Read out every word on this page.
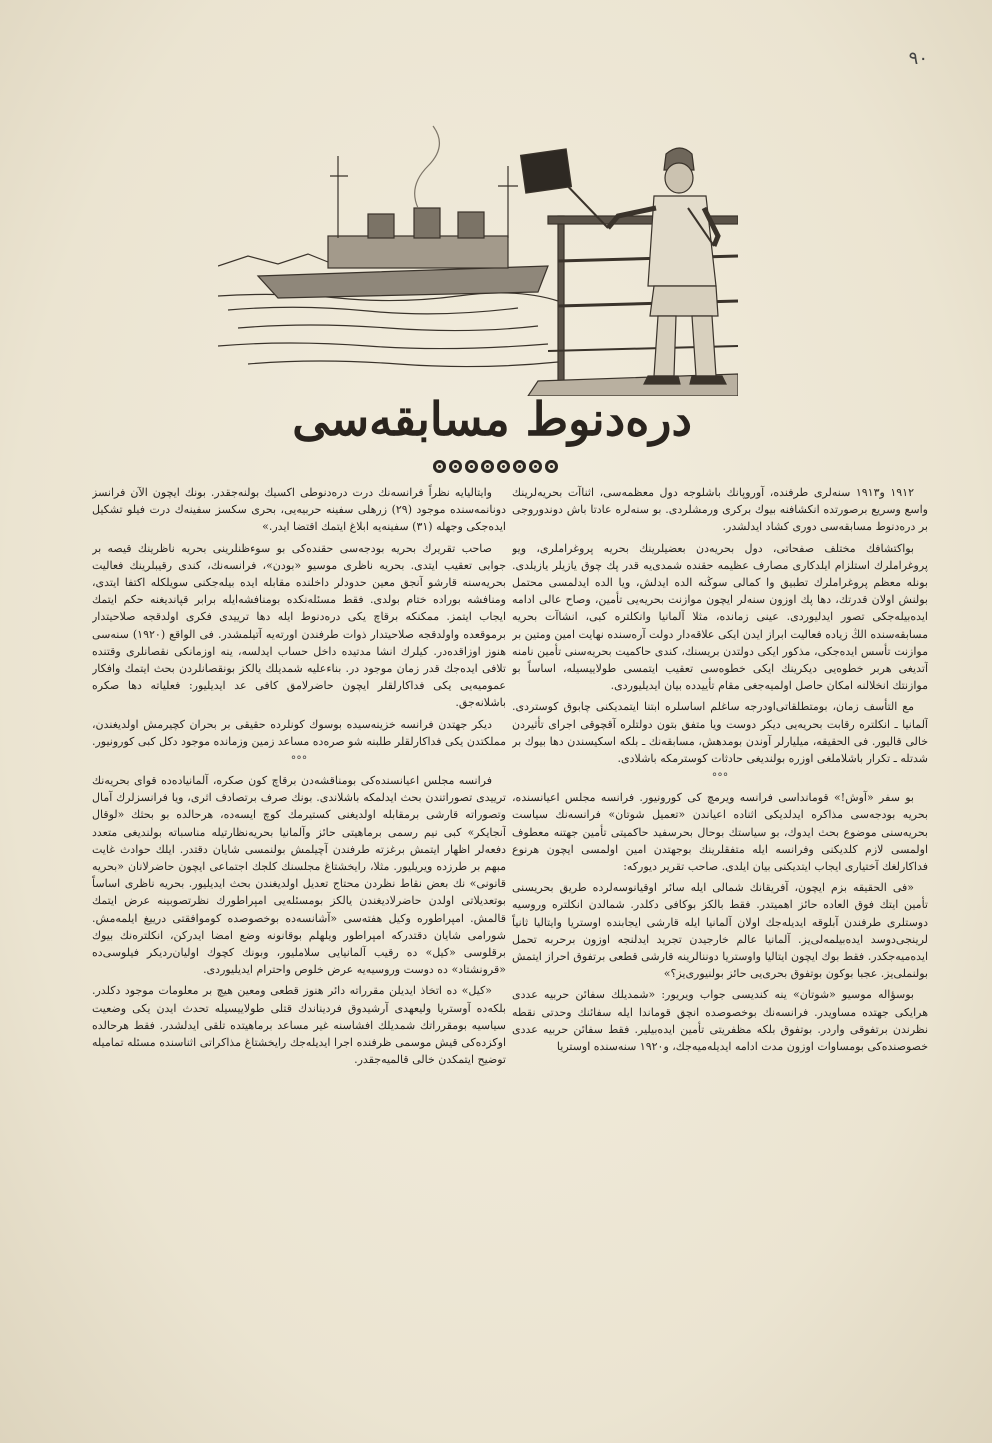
٩٠
دره‌دنوط مسابقه‌سی

١٩١٢ و١٩١٣ سنه‌لری طرفنده، آوروپانك باشلوجه دول معظمه‌سی، اثناآت بحریه‌لرینك واسع وسریع برصورتده انكشافنه بیوك بركری ورمشلردی. بو سنه‌لره عادتا باش دوندوروجی بر دره‌دنوط مسابقه‌سی دوری كشاد ایدلشدر.

بواكتشافك مختلف صفحاتی، دول بحریه‌دن بعضیلرینك بحریه پروغراملری، ویو پروغراملرك استلزام ایلدكاری مصارف عظیمه حقنده شمدی‌یه قدر پك چوق یازیلر یازیلدی. بونله معظم پروغراملرك تطبیق وا كمالی سوڭنه الده ایدلش، ویا الده ایدلمسی محتمل بولنش اولان قدرتك، دها پك اوزون سنه‌لر ایچون موازنت بحریه‌یی تأمین، وصاح عالی ادامه ایده‌بیله‌جكی تصور ایدلیوردی. عینی زمانده، مثلا آلمانیا وانكلتره كبی، انشاآت بحریه مسابقه‌سنده الڭ زیاده فعالیت ابراز ایدن ایكی علاقه‌دار دولت آره‌سنده نهایت امین ومتین بر موازنت تأسس ایده‌جكی، مذكور ایكی دولتدن بریسنك، كندی حاكمیت بحریه‌سنی تأمین نامنه آتدیغی هربر خطوه‌یی دیكرینك ایكی خطوه‌سی تعقیب ایتمسی طولاییسیله، اساساً بو موازنتك انخلالنه امكان حاصل اولمیه‌جغی مقام تأییدده بیان ایدیلیوردی.

مع التأسف زمان، بومتطلقاتی‌اودرجه ساغلم اساسلره ابتنا ایتمدیكنی چابوق كوستردی. آلمانیا ـ انكلتره رقابت بحریه‌یی دیكر دوست ویا متفق بتون دولتلره آقچوقی اجرای تأثیردن خالی قالیور. فی الحقیقه، میلیارلر آوندن بومدهش، مسابقه‌نك ـ بلكه اسكیسندن دها بیوك بر شدتله ـ تكرار باشلاملغی اوزره بولندیغی حادثات كوسترمكه باشلادی.

°°°

بو سفر «آوش!» قوماندا‌سی فرانسه ویرمچ كی كورونیور. فرانسه مجلس اعیانسنده، بحریه بودجه‌سی مذاكره ایدلدیكی اثناده اعیاندن «تعمیل شوتان» فرانسه‌نك سیاست بحریه‌سنی موضوع بحث ایدوك، بو سیاستك بوحال بحرسفید حاكمیتی تأمین جهتنه معطوف اولمسی لازم كلدیكنی وفرانسه ایله متفقلرینك بوجهتدن امین اولمسی ایچون هرنوع فداكارلغك آختیاری ایجاب ایتدیكنی بیان ایلدی. صاحب تقریر دیوركه:

«فی الحقیقه بزم ایچون، آفریقانك شمالی ایله سائر اوقیانوسه‌لرده طریق بحریسنی تأمین ایتك فوق العاده حائز اهمیتدر. فقط بالكز بوكافی دكلدر. شمالدن انكلتره وروسیه دوستلری طرفندن آبلوقه ایدیله‌جك اولان آلمانیا ایله قارشی ایجابنده اوستریا وایتالیا ثانیاً لرینجی‌دوسد ایده‌بیلمه‌لی‌یز. آلمانیا عالم خارجیدن تجرید ایدلنجه اوزون برحربه تحمل ایده‌میه‌جكدر. فقط بوك ایچون ایتالیا واوستریا دوننالرینه قارشی قطعی برتفوق احراز ایتمش بولنملی‌یز. عجبا بوكون بوتفوق بحری‌یی حائز بولنیوری‌یز؟»

بوسؤاله موسیو «شوتان» ینه كندیسی جواب ویریور: «شمدیلك سفائن حربیه عددی هرایكی جهتده مساویدر. فرانسه‌نك بوخصوصده انچق قوماندا ایله سفائنك وحدتی نقطه نظرندن برتفوقی واردر. بوتفوق بلكه مظفریتی تأمین ایده‌بیلیر. فقط سفائن حربیه عددی خصوصنده‌كی بومساوات اوزون مدت ادامه ایدیله‌میه‌جك، و١٩٢٠ سنه‌سنده اوستریا

وایتالیایه نظراً فرانسه‌نك درت دره‌دنوطی اكسیك بولنه‌جقدر. بونك ایچون الآن فرانسز دونانمه‌سنده موجود (٢٩) زرهلی سفینه حربیه‌یی، بحری سكسز سفینه‌ك درت فیلو تشكیل ایده‌جكی وجهله (٣١) سفینه‌یه ابلاغ ایتمك اقتضا ایدر.»

صاحب تقریرك بحریه بودجه‌سی حقنده‌كی بو سوءظنلرینی بحریه ناظرینك قیصه بر جوابی تعقیب ایتدی. بحریه ناظری موسیو «بودن»، فرانسه‌نك، كندی رقیبلرینك فعالیت بحریه‌سنه قارشو آنجق معین حدودلر داخلنده مقابله ایده بیله‌جكنی سویلكله اكتفا ایتدی، ومنافشه بوراده ختام بولدی. فقط مسئله‌نكده بومنافشه‌ایله برابر قپاندیغنه حكم ایتمك ایجاب ایتمز. ممكنكه برقاچ یكی دره‌دنوط ایله دها ترییدی فكری اولدقجه صلاحیتدار برموقعده واولدقجه صلاحیتدار ذوات طرفندن اورته‌یه آتیلمشدر. فی الواقع (١٩٢٠) سنه‌سی هنوز اوزاقده‌در. كیلرك انشا مدتیده داخل حساب ایدلسه، ینه اوزمانكی نقصانلری وقتنده تلافی ایده‌جك قدر زمان موجود در. بناءعلیه شمدیلك یالكز بونقصانلردن بحث ایتمك وافكار عمومیه‌یی یكی فداكارلقلر ایچون حاضرلامق كافی عد ایدیلیور: فعلیاته دها صكره باشلانه‌جق.

دیكر جهتدن فرانسه خزینه‌سیده بوسوك كونلرده حقیقی بر بحران كچیرمش اولدیغندن، مملكتدن یكی فداكارلقلر طلبنه شو صره‌ده مساعد زمین وزمانده موجود دكل كبی كورونیور.

°°°

فرانسه مجلس اعیانسنده‌كی بومناقشه‌دن برقاچ كون صكره، آلمانیاده‌ده قوای بحریه‌نك ترییدی تصوراتندن بحث ایدلمكه باشلاندی. بونك صرف برتصادف اثری، ویا فرانسزلرك آمال وتصوراته قارشی برمقابله اولدیغنی كستیرمك كوچ ایسه‌ده، هرحالده بو بحثك «لوقال آنجایكر» كبی نیم رسمی برماهیتی حائز وآلمانیا بحریه‌نظارتیله مناسباته بولندیغی متعدد دفعه‌لر اظهار ایتمش برغزته طرفندن آچیلمش بولنمسی شایان دقتدر. ایلك حوادث غایت مبهم بر طرزده ویریلیور. مثلا، رایخشتاغ مجلسنك كلجك اجتماعی ایچون حاضرلانان «بحریه قانونی» نك بعض نقاط نظردن محتاج تعدیل اولدیغندن بحث ایدیلیور. بحریه ناظری اساساً بوتعدیلاتی اولدن حاضرلادیغندن یالكز بومسئله‌یی امپراطورك نظرتصوبینه عرض ایتمك قالمش. امپراطوره وكیل هفته‌سی «آشانسه‌ده بوخصوصده كوموافقتی درییغ ایلمه‌مش. شورامی شایان دقتدركه امپراطور ویلهلم بوقانونه وضع امضا ایدركن، انكلتره‌نك بیوك برقلوسی «كیل» ده رقیب آلمانیایی سلاملیور، وبونك كچوك اولیان‌ردیكر فیلوسی‌ده «قرونشتاد» ده دوست وروسیه‌یه عرض خلوص واحترام ایدیلیوردی.

«كیل» ده اتخاذ ایدیلن مقرراته دائر هنوز قطعی ومعین هیچ بر معلومات موجود دكلدر. بلكه‌ده آوستریا ولیعهدی آرشیدوق فرد‌یناندك قتلی طولاییسیله تحدث ایدن یكی وضعیت سیاسیه بومقرراتك شمدیلك افشاسنه غیر مساعد برماهیتده تلقی ایدلشدر. فقط هرحالده اوكزده‌كی قیش موسمی ظرفنده اجرا ایدیله‌جك رایخشتاغ مذاكراتی اثناسنده مسئله تمامیله توضیح ایتمكدن خالی قالمیه‌جقدر.
